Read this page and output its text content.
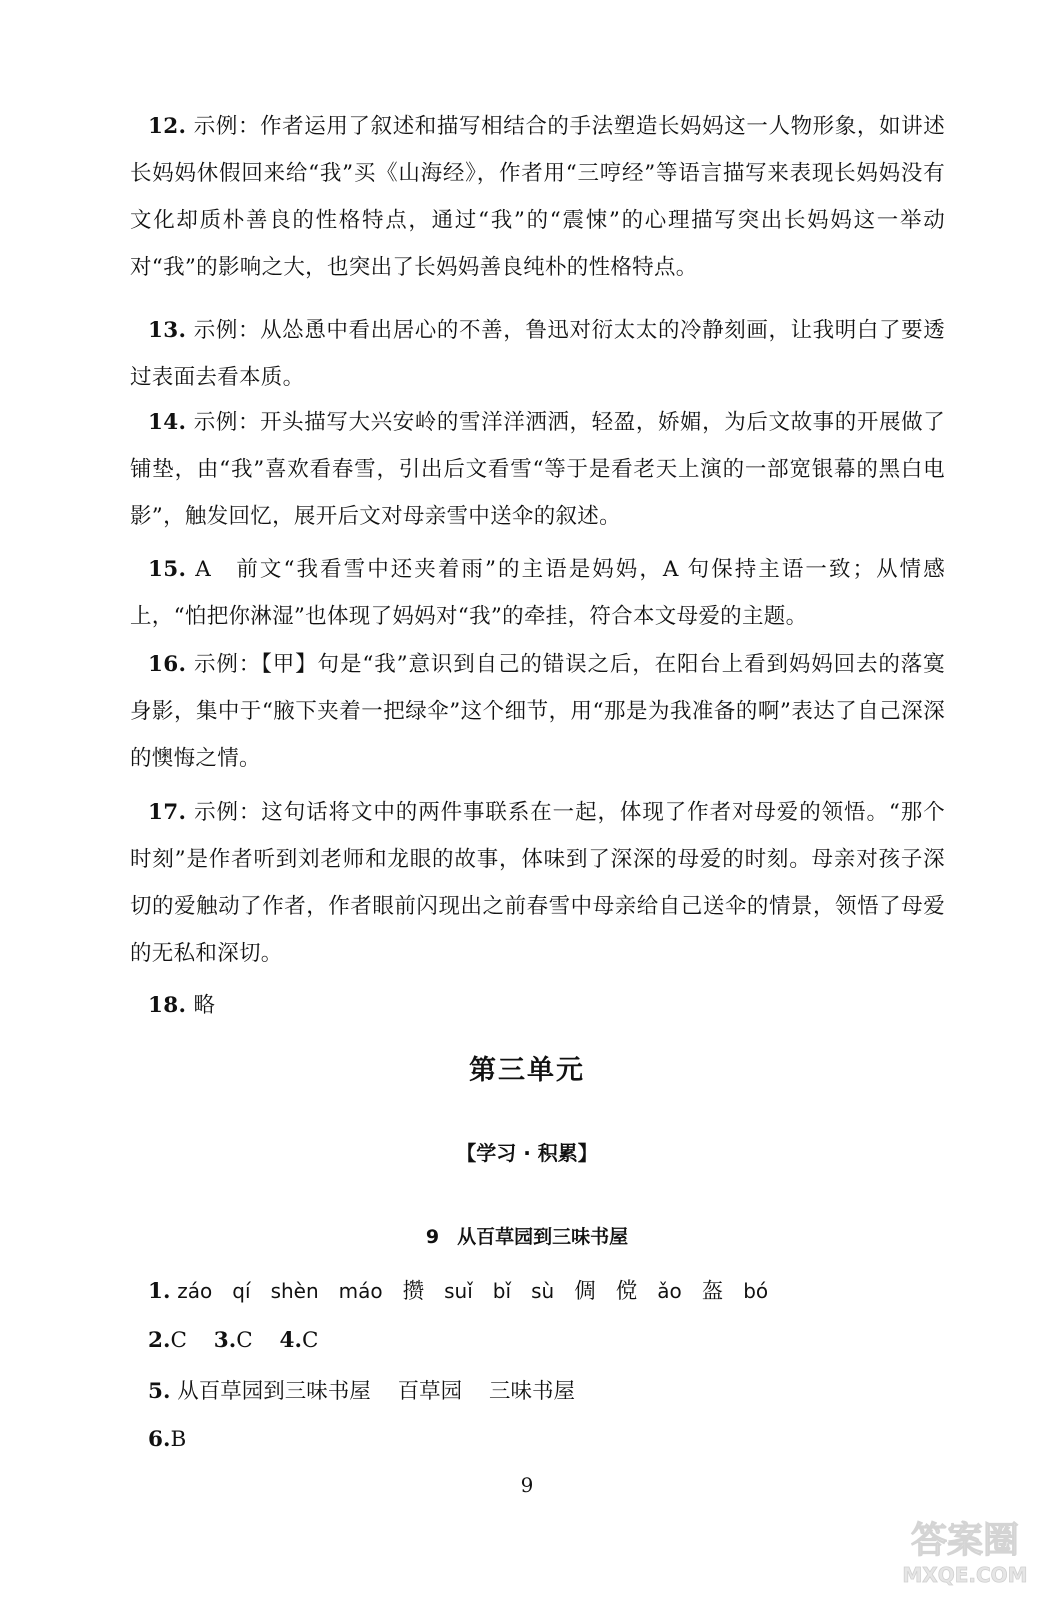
12. 示例：作者运用了叙述和描写相结合的手法塑造长妈妈这一人物形象，如讲述长妈妈休假回来给“我”买《山海经》，作者用“三哼经”等语言描写来表现长妈妈没有文化却质朴善良的性格特点，通过“我”的“震悚”的心理描写突出长妈妈这一举动对“我”的影响之大，也突出了长妈妈善良纯朴的性格特点。

13. 示例：从怂恿中看出居心的不善，鲁迅对衍太太的冷静刻画，让我明白了要透过表面去看本质。

14. 示例：开头描写大兴安岭的雪洋洋洒洒，轻盈，娇媚，为后文故事的开展做了铺垫，由“我”喜欢看春雪，引出后文看雪“等于是看老天上演的一部宽银幕的黑白电影”，触发回忆，展开后文对母亲雪中送伞的叙述。

15. A　前文“我看雪中还夹着雨”的主语是妈妈，A 句保持主语一致；从情感上，“怕把你淋湿”也体现了妈妈对“我”的牵挂，符合本文母爱的主题。

16. 示例：【甲】句是“我”意识到自己的错误之后，在阳台上看到妈妈回去的落寞身影，集中于“腋下夹着一把绿伞”这个细节，用“那是为我准备的啊”表达了自己深深的懊悔之情。

17. 示例：这句话将文中的两件事联系在一起，体现了作者对母爱的领悟。“那个时刻”是作者听到刘老师和龙眼的故事，体味到了深深的母爱的时刻。母亲对孩子深切的爱触动了作者，作者眼前闪现出之前春雪中母亲给自己送伞的情景，领悟了母爱的无私和深切。

18. 略

第三单元
【学习 · 积累】
9 从百草园到三味书屋
1. záo qí shèn máo 攒 suǐ bǐ sù 倜 傥 ǎo 盔 bó
2.C 3.C 4.C
5. 从百草园到三味书屋 百草园 三味书屋
6.B
9
答案圈
MXQE.COM
